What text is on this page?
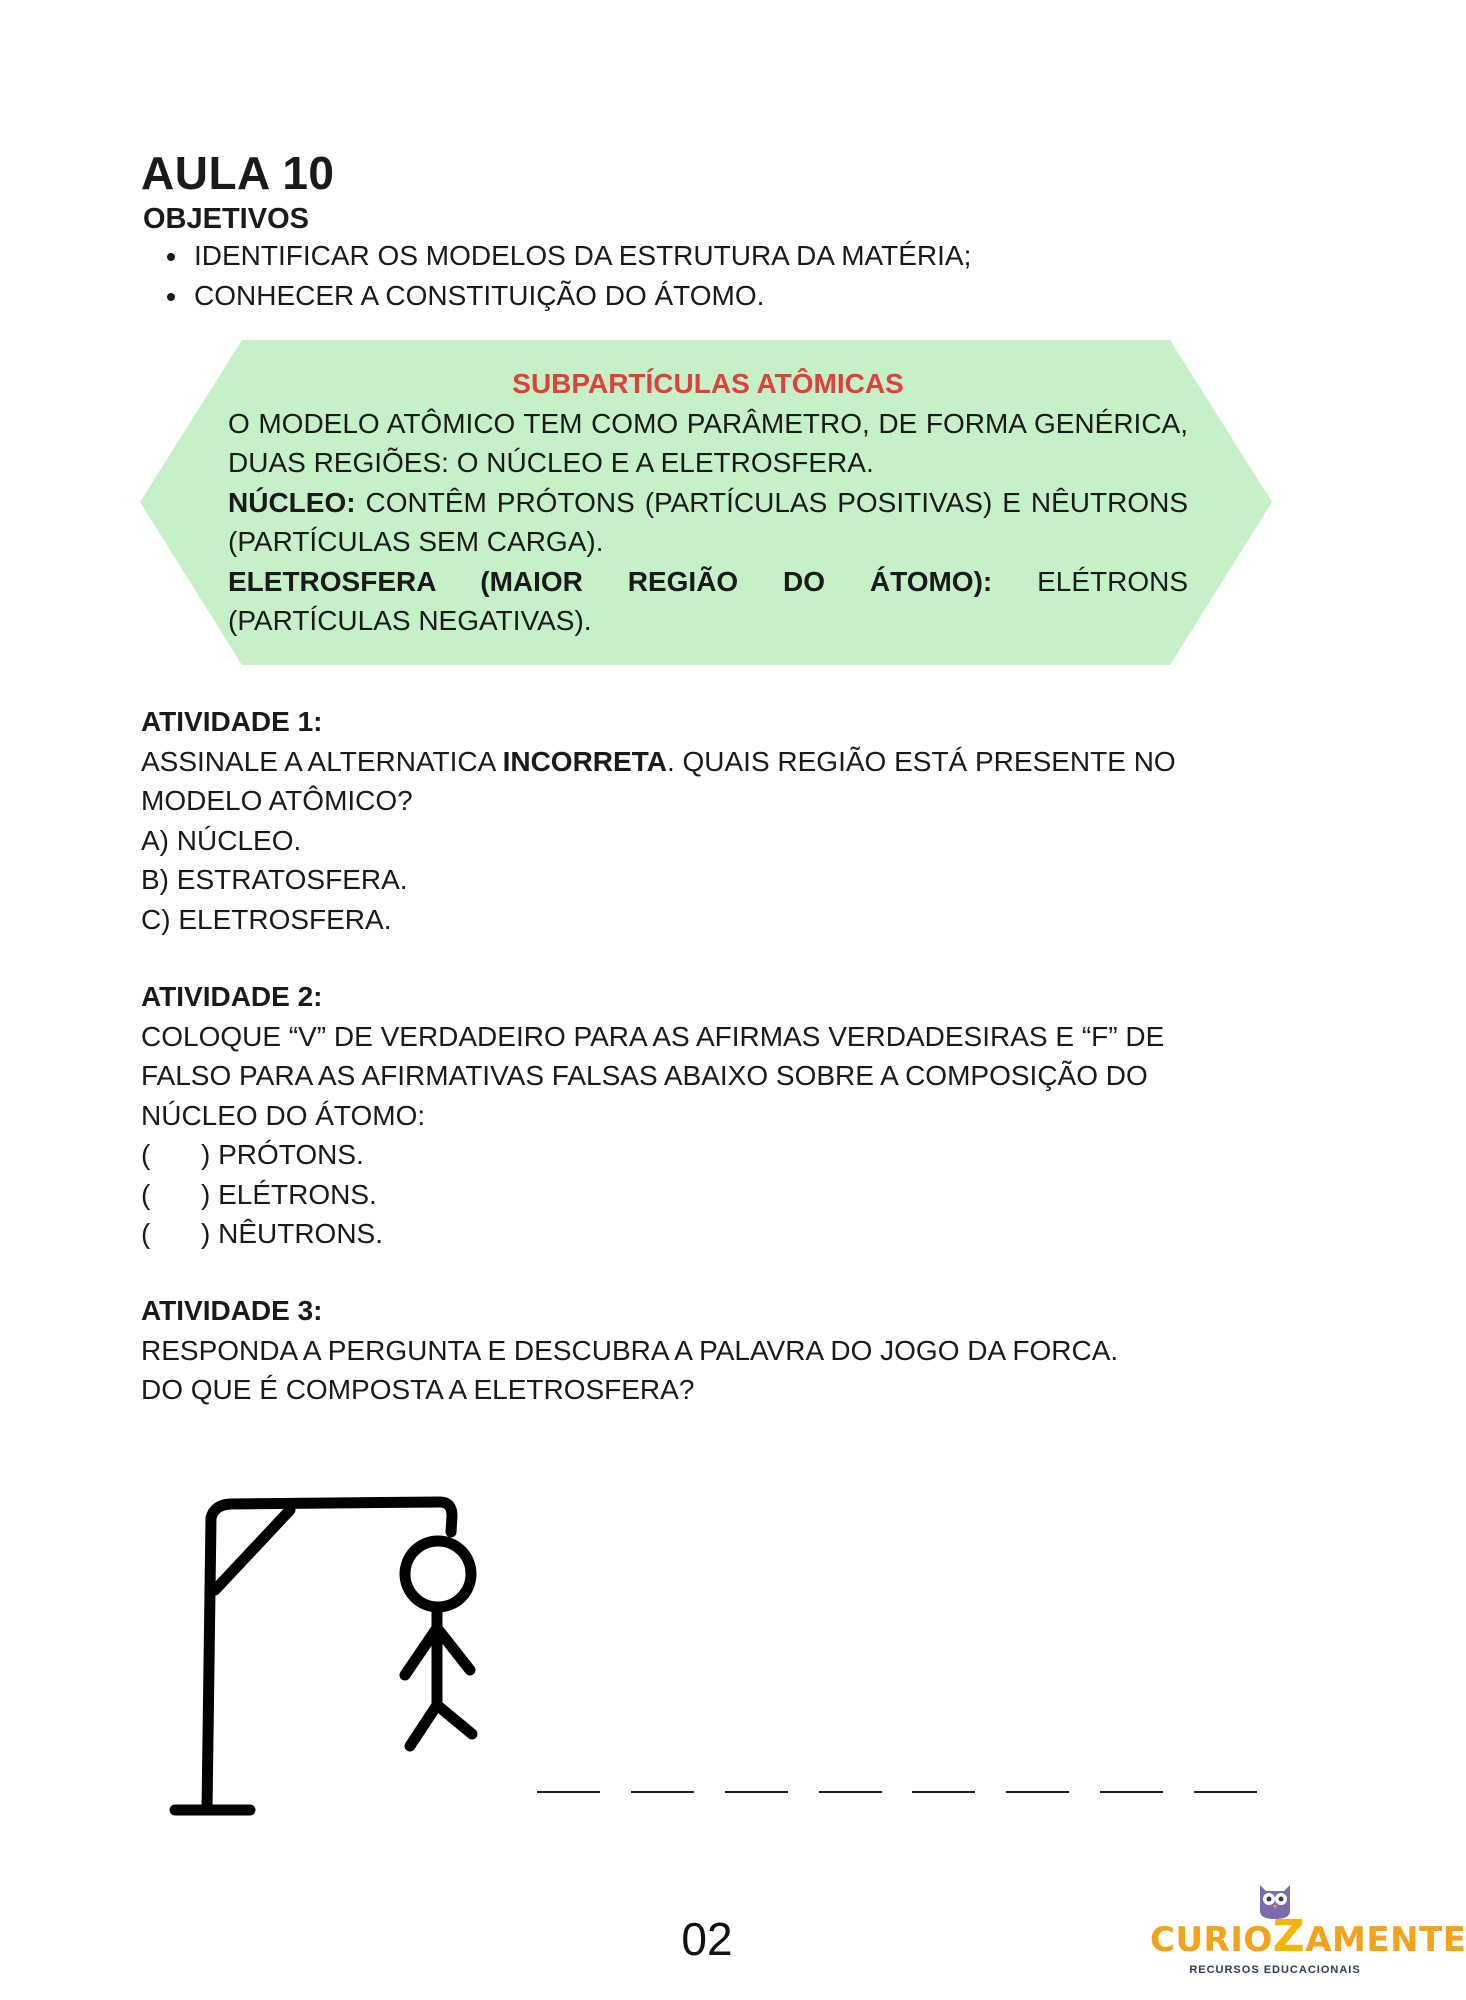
AULA 10
OBJETIVOS
• IDENTIFICAR OS MODELOS DA ESTRUTURA DA MATÉRIA;
• CONHECER A CONSTITUIÇÃO DO ÁTOMO.
SUBPARTÍCULAS ATÔMICAS
O MODELO ATÔMICO TEM COMO PARÂMETRO, DE FORMA GENÉRICA, DUAS REGIÕES: O NÚCLEO E A ELETROSFERA.
NÚCLEO: CONTÊM PRÓTONS (PARTÍCULAS POSITIVAS) E NÊUTRONS (PARTÍCULAS SEM CARGA).
ELETROSFERA (MAIOR REGIÃO DO ÁTOMO): ELÉTRONS (PARTÍCULAS NEGATIVAS).

ATIVIDADE 1:

ASSINALE A ALTERNATICA INCORRETA. QUAIS REGIÃO ESTÁ PRESENTE NO MODELO ATÔMICO?

A) NÚCLEO.

B) ESTRATOSFERA.

C) ELETROSFERA.

ATIVIDADE 2:

COLOQUE “V” DE VERDADEIRO PARA AS AFIRMAS VERDADESIRAS E “F” DE FALSO PARA AS AFIRMATIVAS FALSAS ABAIXO SOBRE A COMPOSIÇÃO DO NÚCLEO DO ÁTOMO:

( ) PRÓTONS.

( ) ELÉTRONS.

( ) NÊUTRONS.

ATIVIDADE 3:

RESPONDA A PERGUNTA E DESCUBRA A PALAVRA DO JOGO DA FORCA.

DO QUE É COMPOSTA A ELETROSFERA?

02	CURIOZAMENTE
RECURSOS EDUCACIONAIS
